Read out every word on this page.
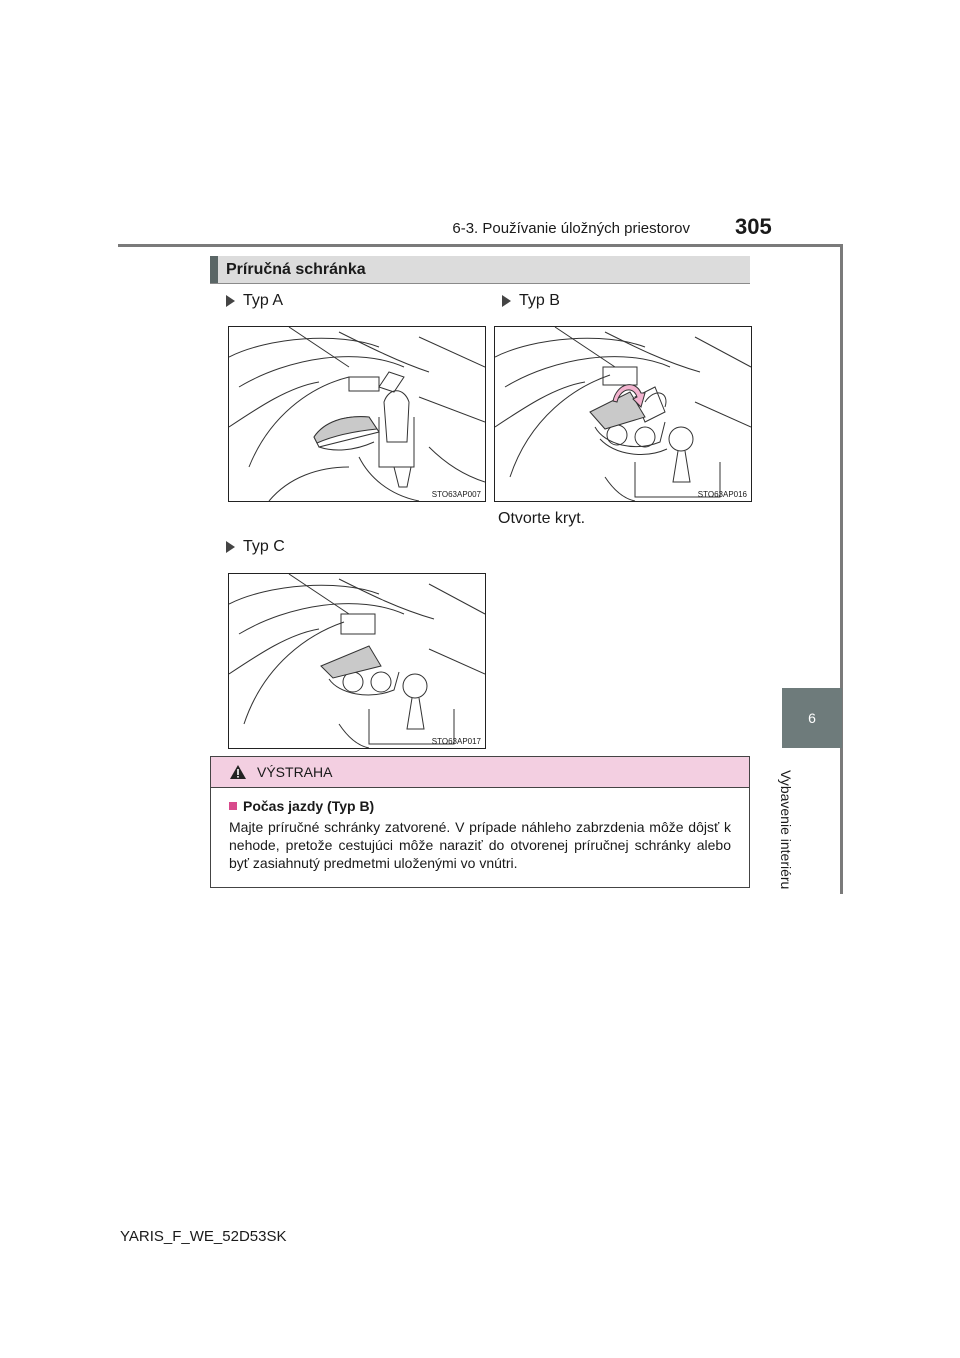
6-3. Používanie úložných priestorov 305
6
Vybavenie interiéru
Príručná schránka
Typ A
STO63AP007
Typ B
STO63AP016
Otvorte kryt.
Typ C
STO63AP017
VÝSTRAHA
Počas jazdy (Typ B)
Majte príručné schránky zatvorené. V prípade náhleho zabrzdenia môže dôjsť k nehode, pretože cestujúci môže naraziť do otvorenej príručnej schránky alebo byť zasiahnutý predmetmi uloženými vo vnútri.
YARIS_F_WE_52D53SK
